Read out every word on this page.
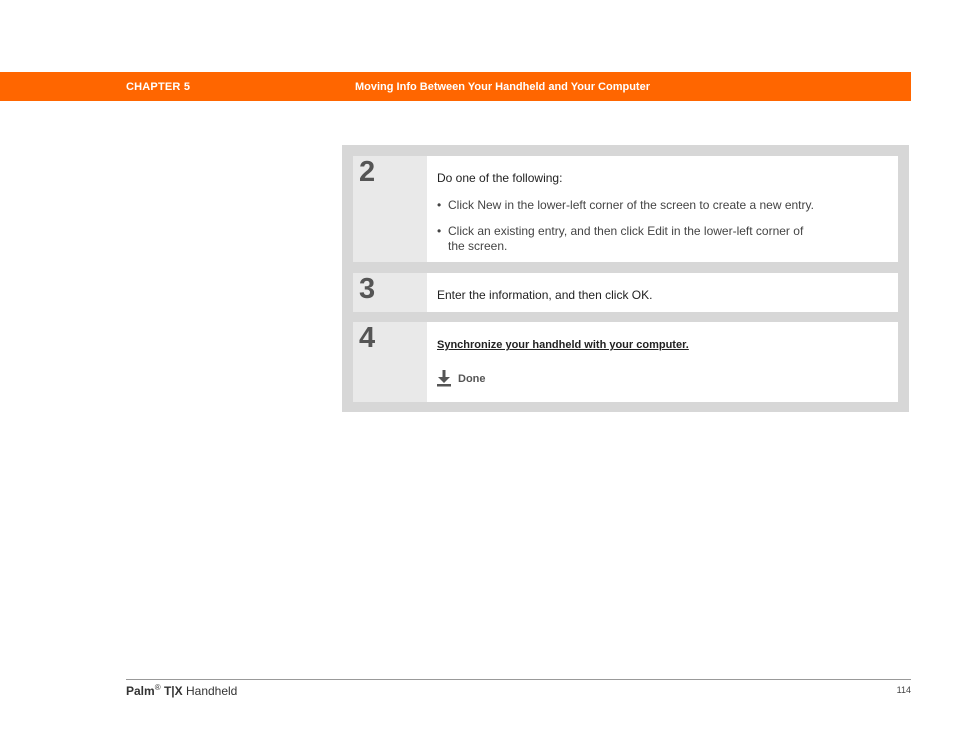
CHAPTER 5	Moving Info Between Your Handheld and Your Computer
2	Do one of the following:
• Click New in the lower-left corner of the screen to create a new entry.
• Click an existing entry, and then click Edit in the lower-left corner of
the screen.
3	Enter the information, and then click OK.
4	Synchronize your handheld with your computer.
Done
Palm® T|X Handheld	114
